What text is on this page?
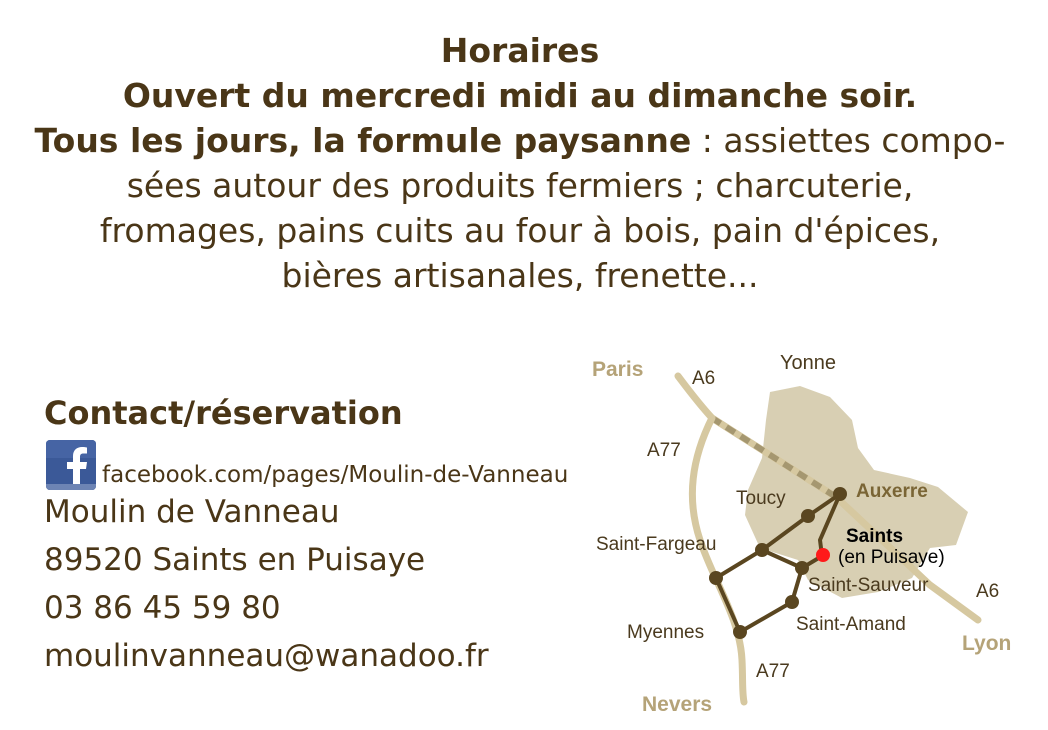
Horaires
Ouvert du mercredi midi au dimanche soir.
Tous les jours, la formule paysanne : assiettes compo-
sées autour des produits fermiers ; charcuterie,
fromages, pains cuits au four à bois, pain d'épices,
bières artisanales, frenette...
Contact/réservation
facebook.com/pages/Moulin-de-Vanneau
Moulin de Vanneau
89520 Saints en Puisaye
03 86 45 59 80
moulinvanneau@wanadoo.fr
Paris	A6
Yonne
A77
Auxerre
Toucy
Saints
(en Puisaye)
Saint-Fargeau
Saint-Sauveur	A6
Saint-Amand
Myennes	Lyon
A77
Nevers
